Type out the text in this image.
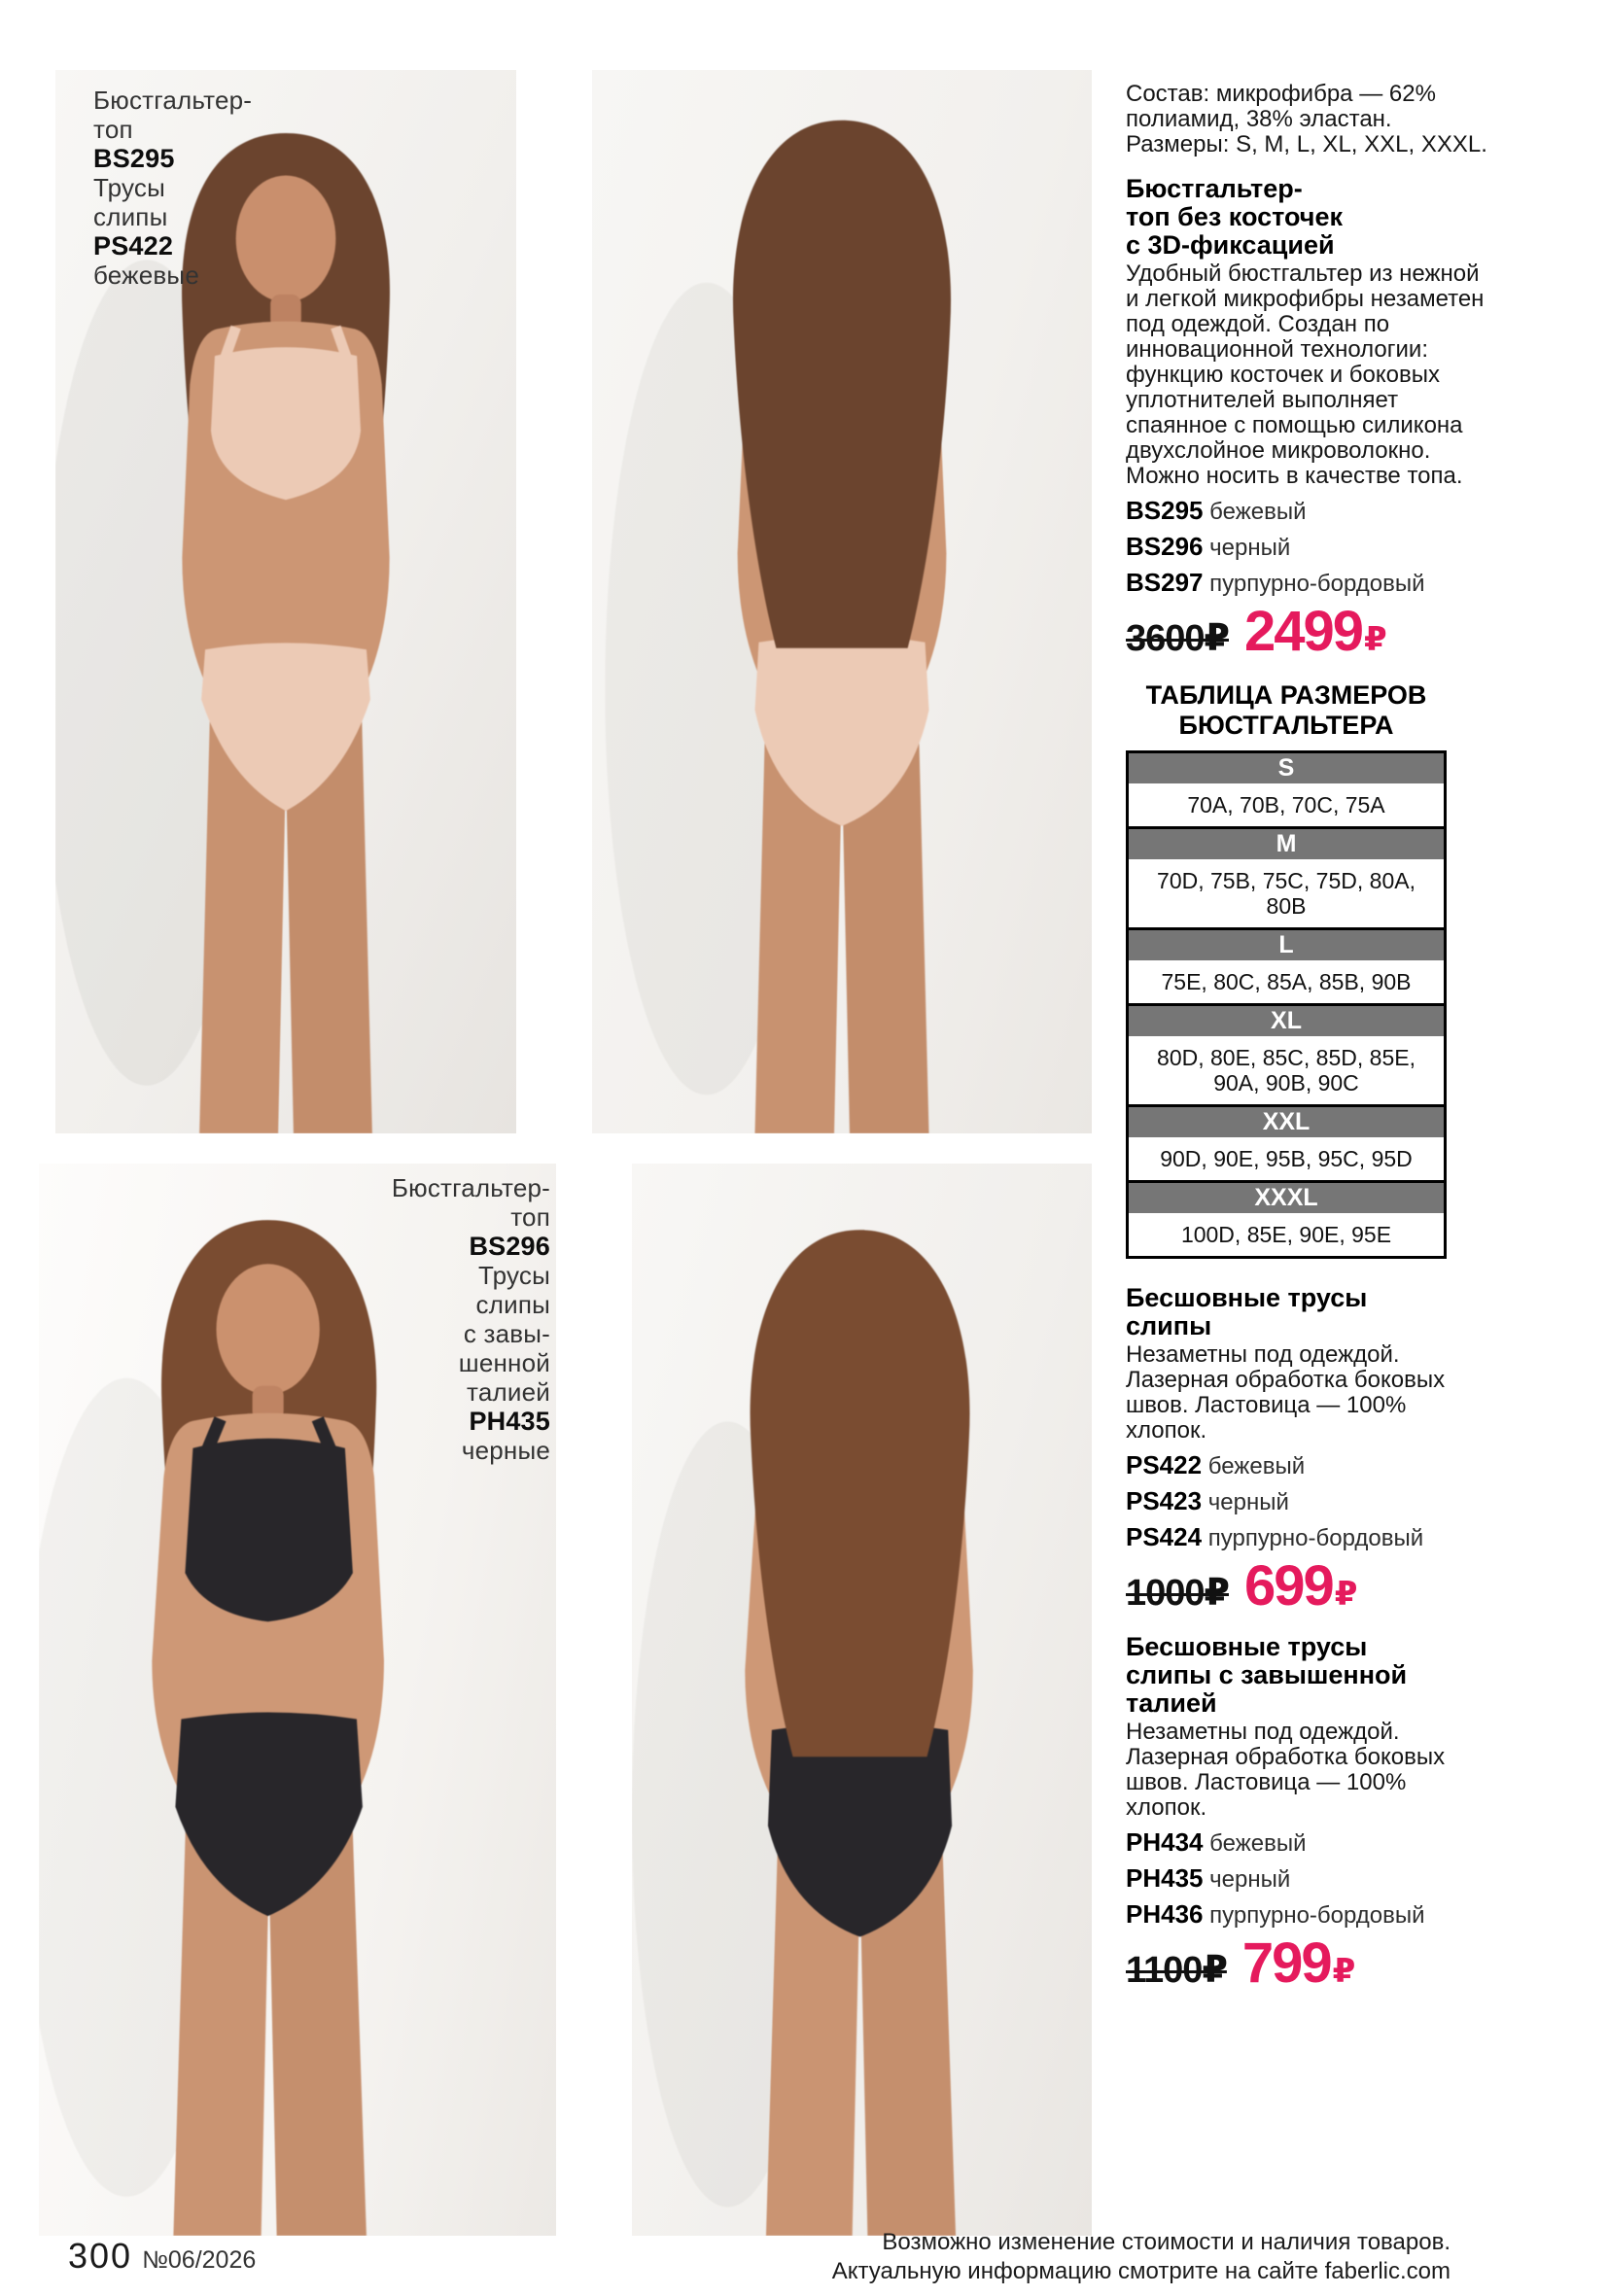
Бюстгальтер-
топ
BS295
Трусы
слипы
PS422
бежевые
Бюстгальтер-
топ
BS296
Трусы
слипы
с завы-
шенной
талией
PH435
черные

Состав: микрофибра — 62% полиамид, 38% эластан. Размеры: S, M, L, XL, XXL, XXXL.

Бюстгальтер-
топ без косточек
с 3D-фиксацией

Удобный бюстгальтер из нежной и легкой микрофибры незаметен под одеждой. Создан по инновационной технологии: функцию косточек и боковых уплотнителей выполняет спаянное с помощью силикона двухслойное микроволокно. Можно носить в качестве топа.

BS295 бежевый
BS296 черный
BS297 пурпурно-бордовый
3600₽ 2499₽
ТАБЛИЦА РАЗМЕРОВ
БЮСТГАЛЬТЕРА
S
70A, 70B, 70C, 75A
M
70D, 75B, 75C, 75D, 80A, 80B
L
75E, 80C, 85A, 85B, 90B
XL
80D, 80E, 85C, 85D, 85E, 90A, 90B, 90C
XXL
90D, 90E, 95B, 95C, 95D
XXXL
100D, 85E, 90E, 95E
Бесшовные трусы
слипы

Незаметны под одеждой. Лазерная обработка боковых швов. Ластовица — 100% хлопок.

PS422 бежевый
PS423 черный
PS424 пурпурно-бордовый
1000₽ 699₽
Бесшовные трусы
слипы с завышенной
талией

Незаметны под одеждой. Лазерная обработка боковых швов. Ластовица — 100% хлопок.

PH434 бежевый
PH435 черный
PH436 пурпурно-бордовый
1100₽ 799₽
300 №06/2026
Возможно изменение стоимости и наличия товаров.
Актуальную информацию смотрите на сайте faberlic.com
